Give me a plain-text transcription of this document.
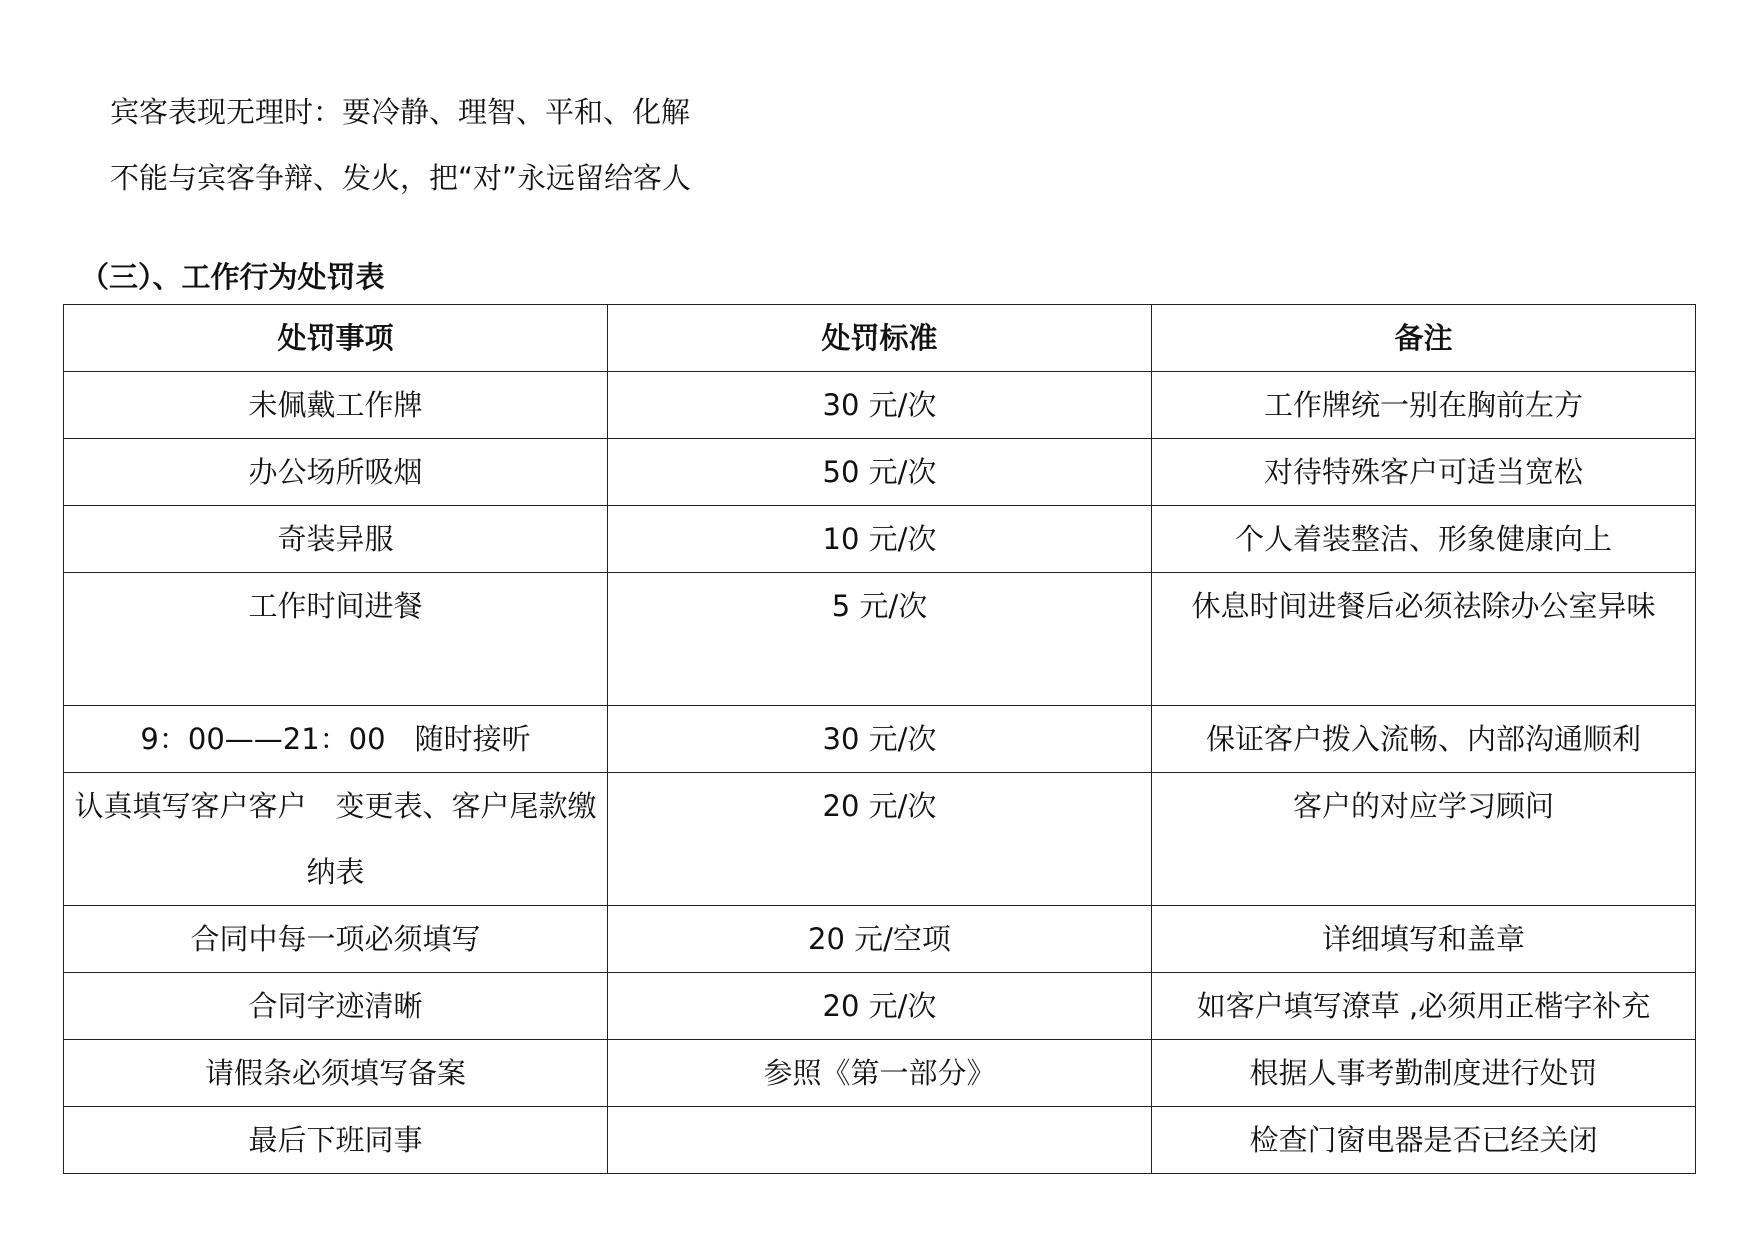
宾客表现无理时：要冷静、理智、平和、化解
不能与宾客争辩、发火，把“对”永远留给客人
（三）、工作行为处罚表
处罚事项	处罚标准	备注
未佩戴工作牌	30 元/次	工作牌统一别在胸前左方
办公场所吸烟	50 元/次	对待特殊客户可适当宽松
奇装异服	10 元/次	个人着装整洁、形象健康向上
工作时间进餐	5 元/次	休息时间进餐后必须祛除办公室异味
9：00——21：00　随时接听	30 元/次	保证客户拨入流畅、内部沟通顺利
认真填写客户客户　变更表、客户尾款缴纳表	20 元/次	客户的对应学习顾问
合同中每一项必须填写	20 元/空项	详细填写和盖章
合同字迹清晰	20 元/次	如客户填写潦草 ,必须用正楷字补充
请假条必须填写备案	参照《第一部分》	根据人事考勤制度进行处罚
最后下班同事		检查门窗电器是否已经关闭
